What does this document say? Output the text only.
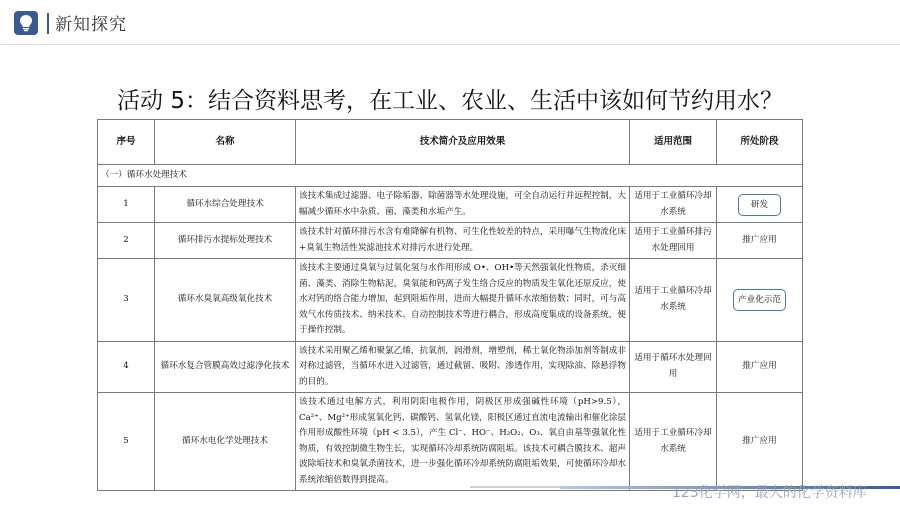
新知探究
活动 5：结合资料思考，在工业、农业、生活中该如何节约用水？
序号	名称	技术简介及应用效果	适用范围	所处阶段
（一）循环水处理技术				
1	循环水综合处理技术	该技术集成过滤器、电子除垢器、除菌器等水处理设施，可全自动运行并远程控制，大幅减少循环水中杂质、菌、藻类和水垢产生。	适用于工业循环冷却水系统	研发
2	循环排污水提标处理技术	该技术针对循环排污水含有难降解有机物、可生化性较差的特点，采用曝气生物流化床+臭氧生物活性炭滤池技术对排污水进行处理。	适用于工业循环排污水处理回用	推广应用
3	循环水臭氧高级氧化技术	该技术主要通过臭氧与过氧化氢与水作用形成 O•、OH•等天然强氧化性物质，杀灭细菌、藻类、消除生物粘泥，臭氧能和钙离子发生络合反应的物质发生氧化还原反应，使水对钙的络合能力增加，起到阻垢作用，进而大幅提升循环水浓缩倍数；同时，可与高效气水传质技术、纳米技术、自动控制技术等进行耦合，形成高度集成的设备系统，便于操作控制。	适用于工业循环冷却水系统	产业化示范
4	循环水复合管膜高效过滤净化技术	该技术采用聚乙烯和聚氯乙烯，抗氧剂，润滑剂，增塑剂，稀土氧化物添加剂等制成非对称过滤管，当循环水进入过滤管，通过截留、吸附、渗透作用，实现除油、除悬浮物的目的。	适用于循环水处理回用	推广应用
5	循环水电化学处理技术	该技术通过电解方式，利用阴阳电极作用，阴极区形成强碱性环境（pH>9.5），Ca²⁺、Mg²⁺形成氢氧化钙、碳酸钙、氢氧化镁，阳极区通过直流电流输出和催化涂层作用形成酸性环境（pH < 3.5），产生 Cl⁻、HO⁻、H₂O₂、O₃、氧自由基等强氧化性物质，有效控制微生物生长，实现循环冷却系统防腐阻垢。该技术可耦合膜技术、超声波除垢技术和臭氧杀菌技术，进一步强化循环冷却系统防腐阻垢效果，可使循环冷却水系统浓缩倍数得到提高。	适用于工业循环冷却水系统	推广应用
123化学网，最大的化学资料库
